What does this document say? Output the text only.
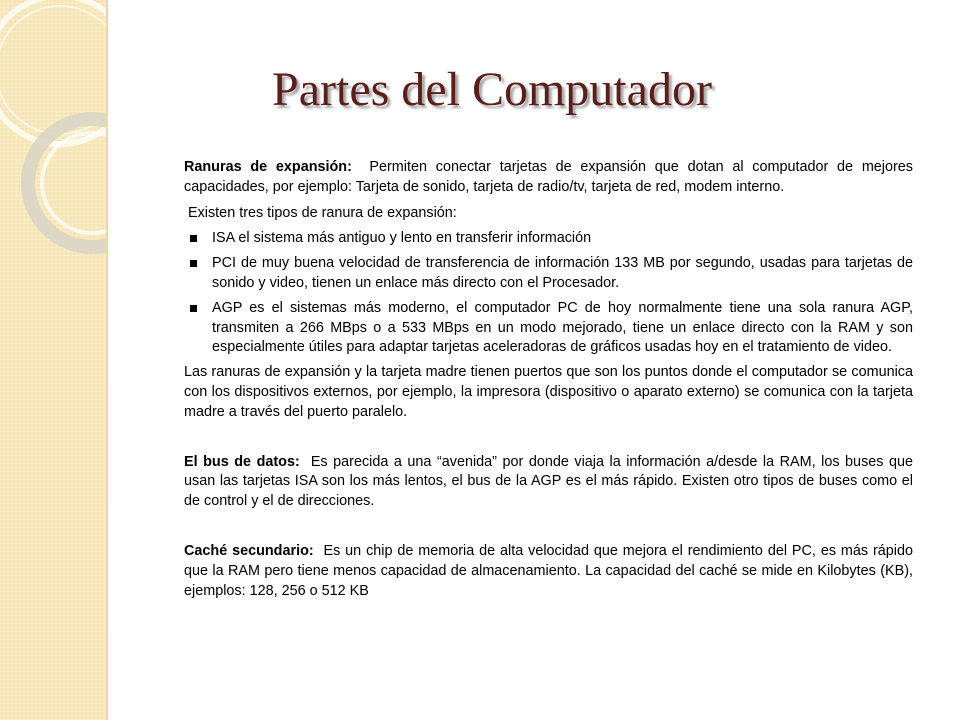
Partes del Computador

Ranuras de expansión: Permiten conectar tarjetas de expansión que dotan al computador de mejores capacidades, por ejemplo: Tarjeta de sonido, tarjeta de radio/tv, tarjeta de red, modem interno.

Existen tres tipos de ranura de expansión:

ISA el sistema más antiguo y lento en transferir información
PCI de muy buena velocidad de transferencia de información 133 MB por segundo, usadas para tarjetas de sonido y video, tienen un enlace más directo con el Procesador.
AGP es el sistemas más moderno, el computador PC de hoy normalmente tiene una sola ranura AGP, transmiten a 266 MBps o a 533 MBps en un modo mejorado, tiene un enlace directo con la RAM y son especialmente útiles para adaptar tarjetas aceleradoras de gráficos usadas hoy en el tratamiento de video.

Las ranuras de expansión y la tarjeta madre tienen puertos que son los puntos donde el computador se comunica con los dispositivos externos, por ejemplo, la impresora (dispositivo o aparato externo) se comunica con la tarjeta madre a través del puerto paralelo.

El bus de datos: Es parecida a una “avenida” por donde viaja la información a/desde la RAM, los buses que usan las tarjetas ISA son los más lentos, el bus de la AGP es el más rápido. Existen otro tipos de buses como el de control y el de direcciones.

Caché secundario: Es un chip de memoria de alta velocidad que mejora el rendimiento del PC, es más rápido que la RAM pero tiene menos capacidad de almacenamiento. La capacidad del caché se mide en Kilobytes (KB), ejemplos: 128, 256 o 512 KB
